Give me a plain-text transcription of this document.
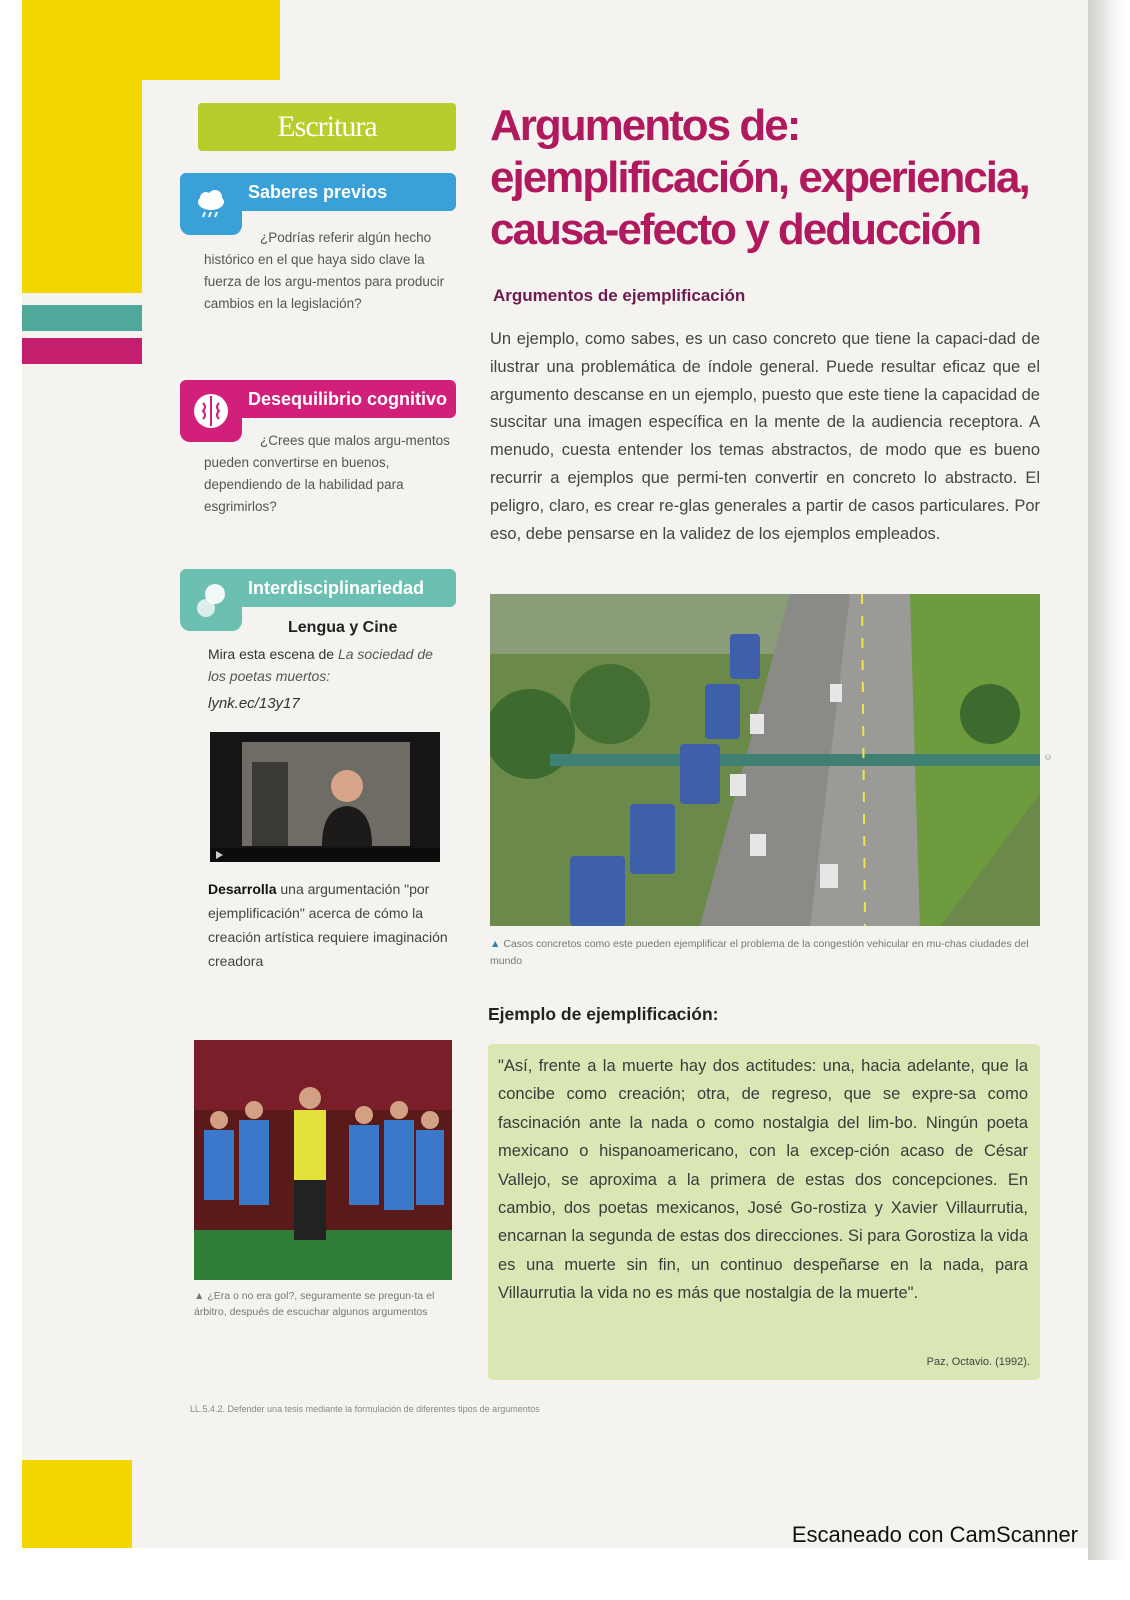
Escritura
Saberes previos
¿Podrías referir algún hecho histórico en el que haya sido clave la fuerza de los argu-mentos para producir cambios en la legislación?
Desequilibrio cognitivo
¿Crees que malos argu-mentos pueden convertirse en buenos, dependiendo de la habilidad para esgrimirlos?
Interdisciplinariedad
Lengua y Cine
Mira esta escena de La sociedad de los poetas muertos:
lynk.ec/13y17
Desarrolla una argumentación "por ejemplificación" acerca de cómo la creación artística requiere imaginación creadora
▲ ¿Era o no era gol?, seguramente se pregun-ta el árbitro, después de escuchar algunos argumentos
Argumentos de:
ejemplificación, experiencia,
causa-efecto y deducción
Argumentos de ejemplificación
Un ejemplo, como sabes, es un caso concreto que tiene la capaci-dad de ilustrar una problemática de índole general. Puede resultar eficaz que el argumento descanse en un ejemplo, puesto que este tiene la capacidad de suscitar una imagen específica en la mente de la audiencia receptora. A menudo, cuesta entender los temas abstractos, de modo que es bueno recurrir a ejemplos que permi-ten convertir en concreto lo abstracto. El peligro, claro, es crear re-glas generales a partir de casos particulares. Por eso, debe pensarse en la validez de los ejemplos empleados.
©
▲ Casos concretos como este pueden ejemplificar el problema de la congestión vehicular en mu-chas ciudades del mundo
Ejemplo de ejemplificación:
"Así, frente a la muerte hay dos actitudes: una, hacia adelante, que la concibe como creación; otra, de regreso, que se expre-sa como fascinación ante la nada o como nostalgia del lim-bo. Ningún poeta mexicano o hispanoamericano, con la excep-ción acaso de César Vallejo, se aproxima a la primera de estas dos concepciones. En cambio, dos poetas mexicanos, José Go-rostiza y Xavier Villaurrutia, encarnan la segunda de estas dos direcciones. Si para Gorostiza la vida es una muerte sin fin, un continuo despeñarse en la nada, para Villaurrutia la vida no es más que nostalgia de la muerte".
Paz, Octavio. (1992).
LL.5.4.2. Defender una tesis mediante la formulación de diferentes tipos de argumentos
Escaneado con CamScanner
